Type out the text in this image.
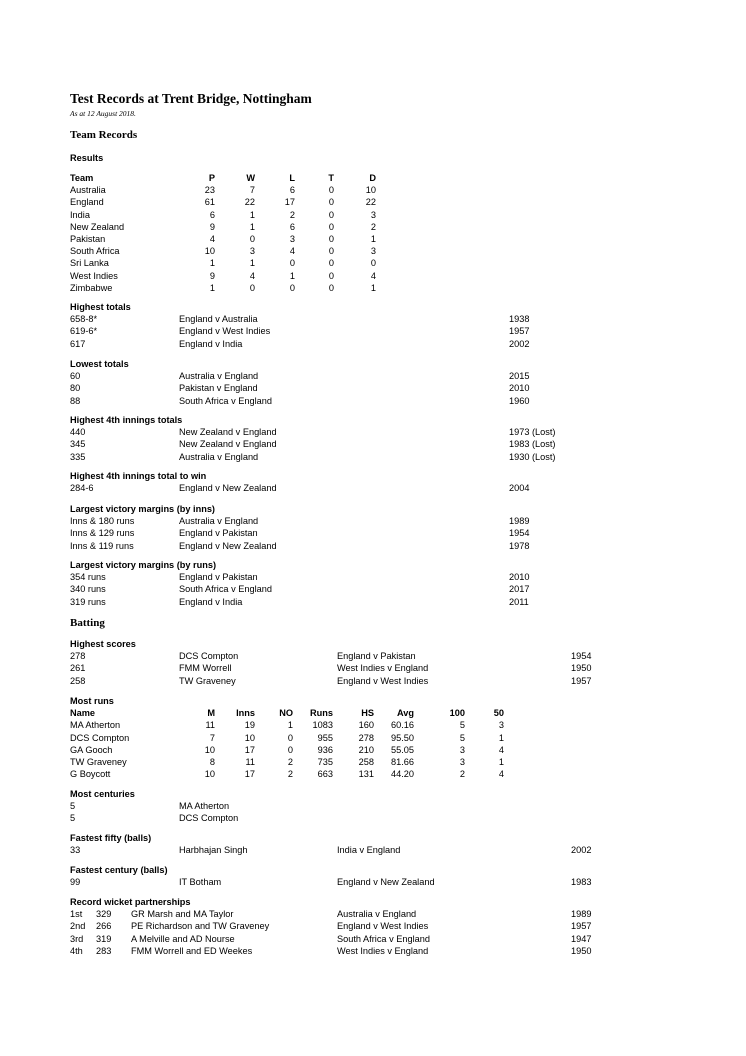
Test Records at Trent Bridge, Nottingham
As at 12 August 2018.
Team Records
Results
Team	P	W	L	T	D
Australia	23	7	6	0	10
England	61	22	17	0	22
India	6	1	2	0	3
New Zealand	9	1	6	0	2
Pakistan	4	0	3	0	1
South Africa	10	3	4	0	3
Sri Lanka	1	1	0	0	0
West Indies	9	4	1	0	4
Zimbabwe	1	0	0	0	1
Highest totals
658-8*	England v Australia	1938
619-6*	England v West Indies	1957
617	England v India	2002
Lowest totals
60	Australia v England	2015
80	Pakistan v England	2010
88	South Africa v England	1960
Highest 4th innings totals
440	New Zealand v England	1973 (Lost)
345	New Zealand v England	1983 (Lost)
335	Australia v England	1930 (Lost)
Highest 4th innings total to win
284-6	England v New Zealand	2004
Largest victory margins (by inns)
Inns & 180 runs	Australia v England	1989
Inns & 129 runs	England v Pakistan	1954
Inns & 119 runs	England v New Zealand	1978
Largest victory margins (by runs)
354 runs	England v Pakistan	2010
340 runs	South Africa v England	2017
319 runs	England v India	2011
Batting
Highest scores
278	DCS Compton	England v Pakistan	1954
261	FMM Worrell	West Indies v England	1950
258	TW Graveney	England v West Indies	1957
Most runs
Name	M	Inns	NO	Runs	HS	Avg	100	50
MA Atherton	11	19	1	1083	160	60.16	5	3
DCS Compton	7	10	0	955	278	95.50	5	1
GA Gooch	10	17	0	936	210	55.05	3	4
TW Graveney	8	11	2	735	258	81.66	3	1
G Boycott	10	17	2	663	131	44.20	2	4
Most centuries
5	MA Atherton
5	DCS Compton
Fastest fifty (balls)
33	Harbhajan Singh	India v England	2002
Fastest century (balls)
99	IT Botham	England v New Zealand	1983
Record wicket partnerships
1st 329 GR Marsh and MA Taylor	Australia v England	1989
2nd 266 PE Richardson and TW Graveney	England v West Indies	1957
3rd 319 A Melville and AD Nourse	South Africa v England	1947
4th 283 FMM Worrell and ED Weekes	West Indies v England	1950
